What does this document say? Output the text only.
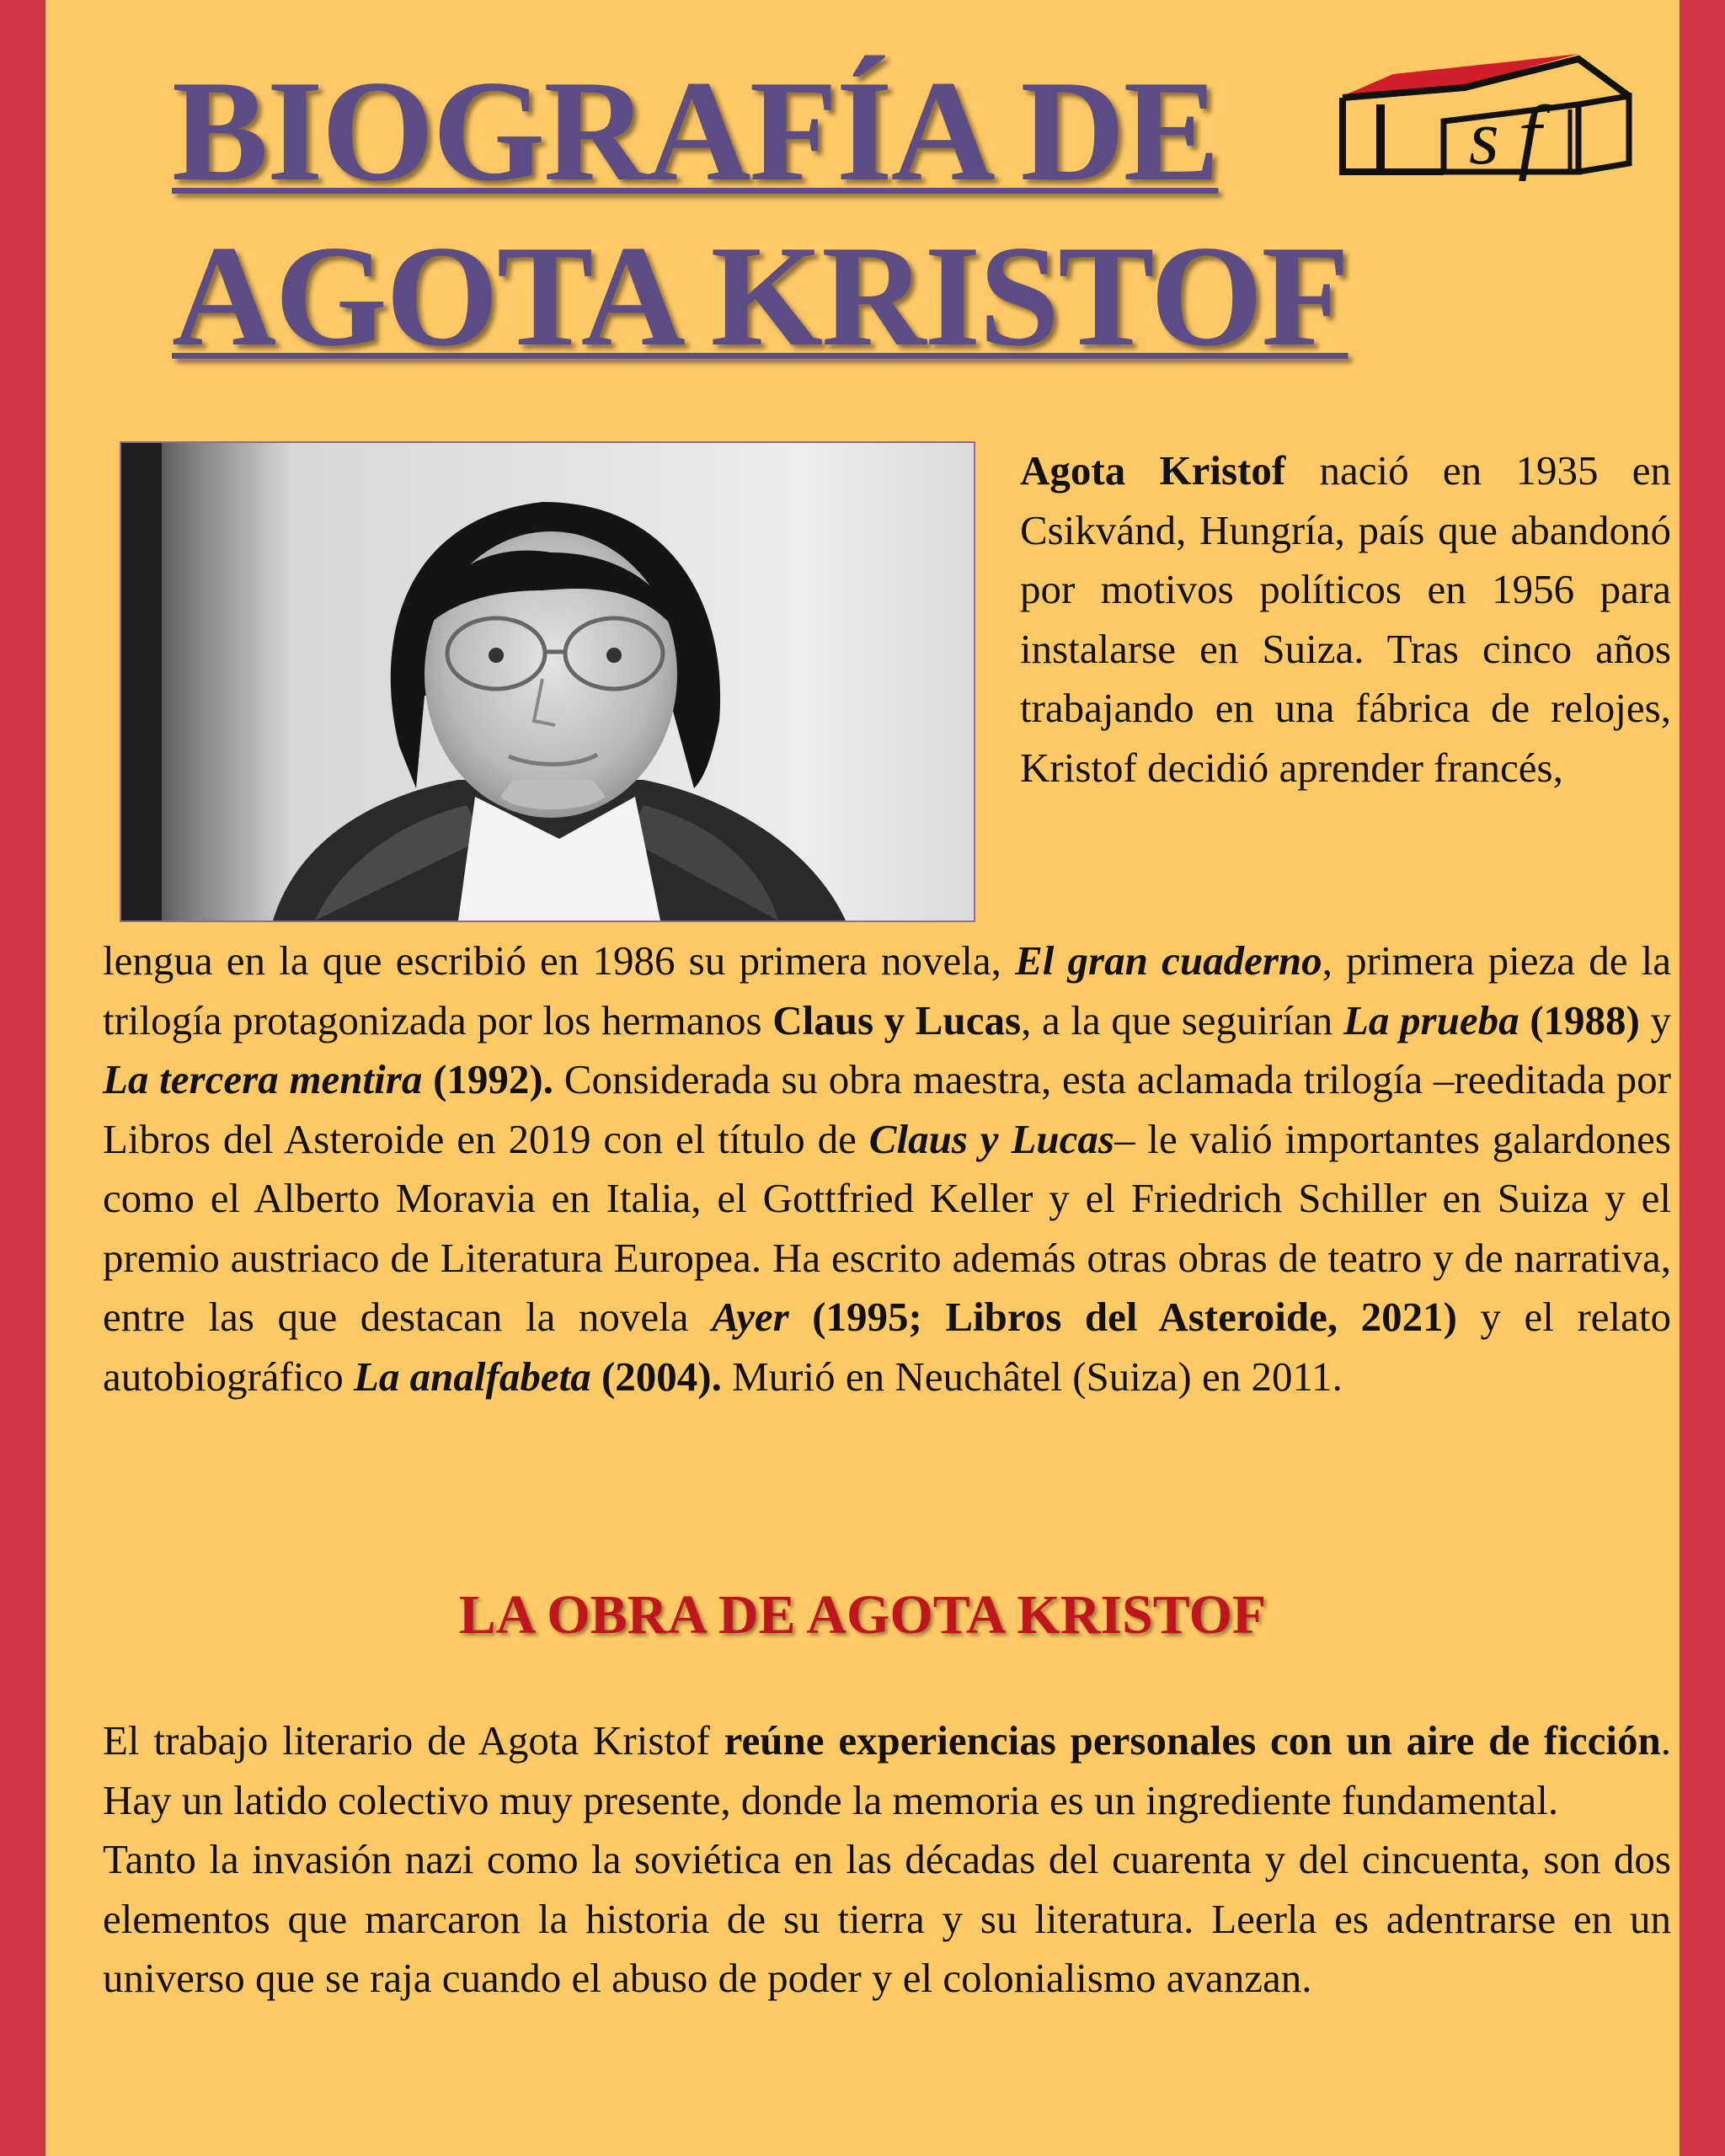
BIOGRAFÍA DE
AGOTA KRISTOF
s f

Agota Kristof nació en 1935 en Csikvánd, Hungría, país que abandonó por motivos políticos en 1956 para instalarse en Suiza. Tras cinco años trabajando en una fábrica de relojes, Kristof decidió aprender francés,

lengua en la que escribió en 1986 su primera novela, El gran cuaderno, primera pieza de la trilogía protagonizada por los hermanos Claus y Lucas, a la que seguirían La prueba (1988) y La tercera mentira (1992). Considerada su obra maestra, esta aclamada trilogía –reeditada por Libros del Asteroide en 2019 con el título de Claus y Lucas– le valió importantes galardones como el Alberto Moravia en Italia, el Gottfried Keller y el Friedrich Schiller en Suiza y el premio austriaco de Literatura Europea. Ha escrito además otras obras de teatro y de narrativa, entre las que destacan la novela Ayer (1995; Libros del Asteroide, 2021) y el relato autobiográfico La analfabeta (2004). Murió en Neuchâtel (Suiza) en 2011.

LA OBRA DE AGOTA KRISTOF

El trabajo literario de Agota Kristof reúne experiencias personales con un aire de ficción. Hay un latido colectivo muy presente, donde la memoria es un ingrediente fundamental.

Tanto la invasión nazi como la soviética en las décadas del cuarenta y del cincuenta, son dos elementos que marcaron la historia de su tierra y su literatura. Leerla es adentrarse en un universo que se raja cuando el abuso de poder y el colonialismo avanzan.
